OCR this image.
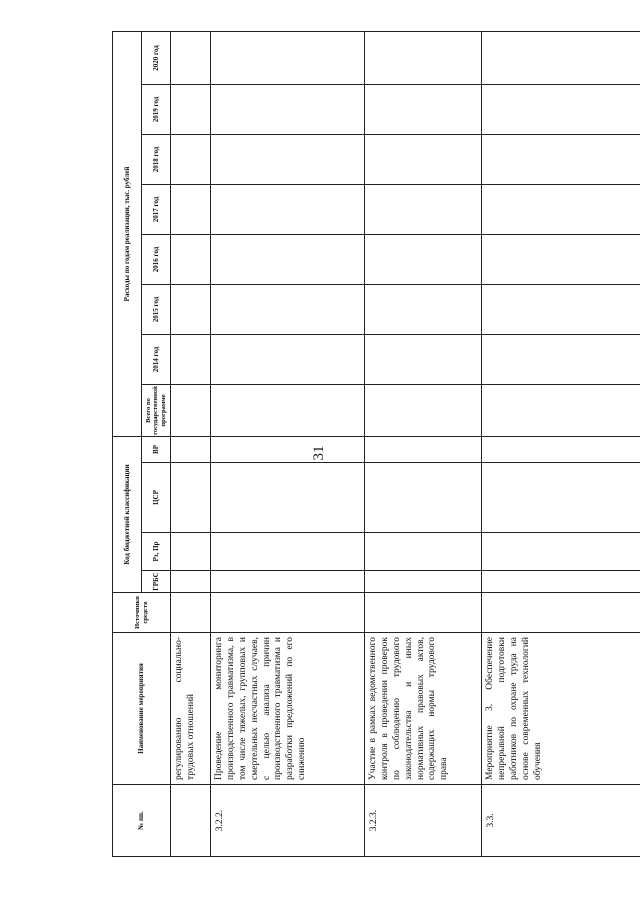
31
№ пп.	Наименование мероприятия	Источники средств	Код бюджетной классификации				Расходы по годам реализации, тыс. рублей							
			ГРБС	Рз, Пр	ЦСР	ВР	Всего по государственной программе	2014 год	2015 год	2016 год	2017 год	2018 год	2019 год	2020 год
	регулированию социально-трудовых отношений													
3.2.2.	Проведение мониторинга производственного травматизма, в том числе тяжелых, групповых и смертельных несчастных случаев, с целью анализа причин производственного травматизма и разработки предложений по его снижению													
3.2.3.	Участие в рамках ведомственного контроля в проведении проверок по соблюдению трудового законодательства и иных нормативных правовых актов, содержащих нормы трудового права													
3.3.	Мероприятие 3. Обеспечение непрерывной подготовки работников по охране труда на основе современных технологий обучения													
